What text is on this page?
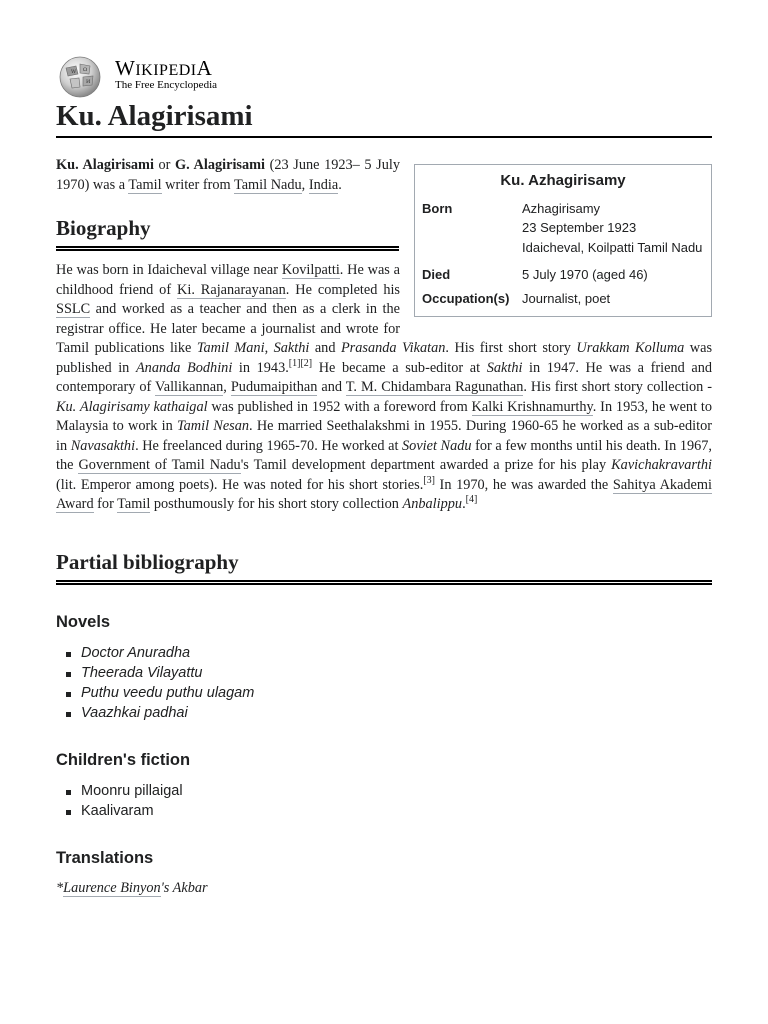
W Ω
И
WIKIPEDIA
The Free Encyclopedia
Ku. Alagirisami
Ku. Azhagirisamy
Born	Azhagirisamy
23 September 1923
Idaicheval, Koilpatti Tamil Nadu

Died	5 July 1970 (aged 46)
Occupation(s)	Journalist, poet

Ku. Alagirisami or G. Alagirisami (23 June 1923– 5 July 1970) was a Tamil writer from Tamil Nadu, India.

Biography

He was born in Idaicheval village near Kovilpatti. He was a childhood friend of Ki. Rajanarayanan. He completed his SSLC and worked as a teacher and then as a clerk in the registrar office. He later became a journalist and wrote for Tamil publications like Tamil Mani, Sakthi and Prasanda Vikatan. His first short story Urakkam Kolluma was published in Ananda Bodhini in 1943.[1][2] He became a sub-editor at Sakthi in 1947. He was a friend and contemporary of Vallikannan, Pudumaipithan and T. M. Chidambara Ragunathan. His first short story collection - Ku. Alagirisamy kathaigal was published in 1952 with a foreword from Kalki Krishnamurthy. In 1953, he went to Malaysia to work in Tamil Nesan. He married Seethalakshmi in 1955. During 1960-65 he worked as a sub-editor in Navasakthi. He freelanced during 1965-70. He worked at Soviet Nadu for a few months until his death. In 1967, the Government of Tamil Nadu's Tamil development department awarded a prize for his play Kavichakravarthi (lit. Emperor among poets). He was noted for his short stories.[3] In 1970, he was awarded the Sahitya Akademi Award for Tamil posthumously for his short story collection Anbalippu.[4]

Partial bibliography
Novels
Doctor Anuradha
Theerada Vilayattu
Puthu veedu puthu ulagam
Vaazhkai padhai
Children's fiction
Moonru pillaigal
Kaalivaram
Translations

*Laurence Binyon's Akbar
